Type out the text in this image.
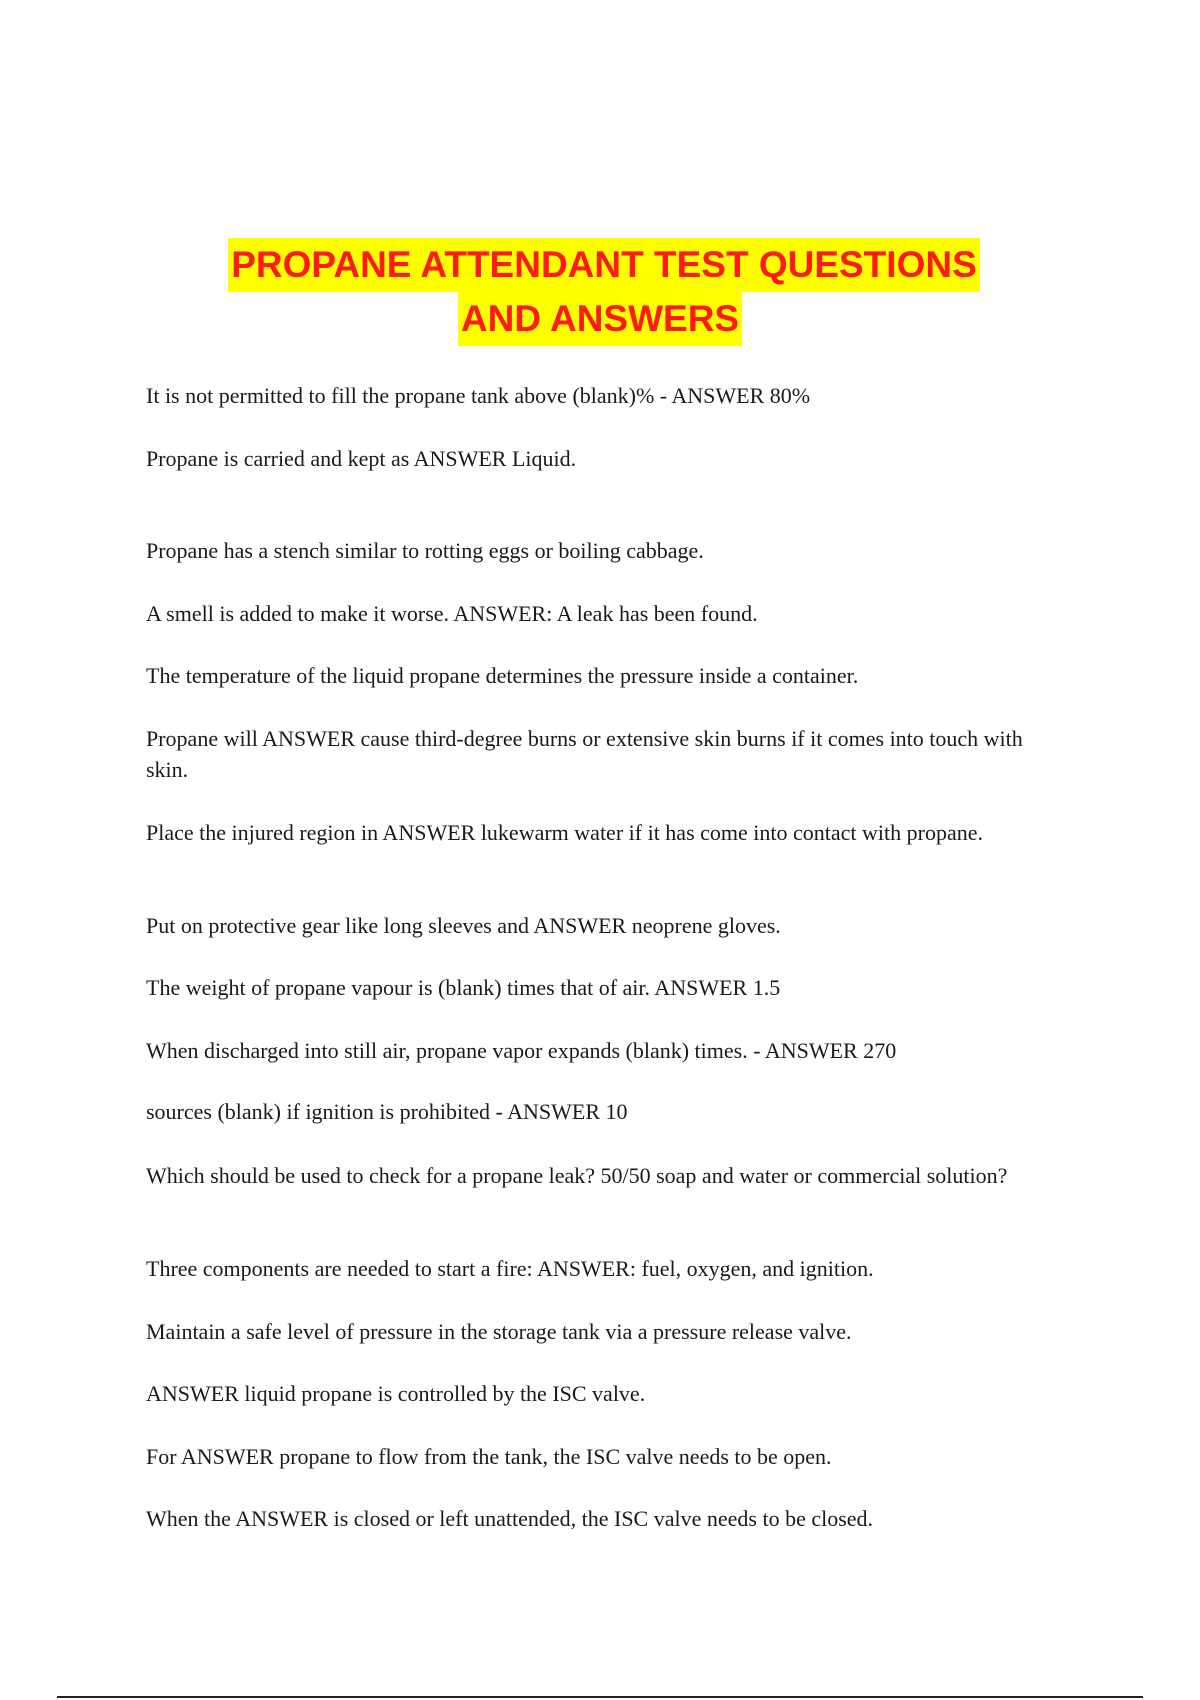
PROPANE ATTENDANT TEST QUESTIONS
AND ANSWERS

It is not permitted to fill the propane tank above (blank)% - ANSWER 80%

Propane is carried and kept as ANSWER Liquid.

Propane has a stench similar to rotting eggs or boiling cabbage.

A smell is added to make it worse. ANSWER: A leak has been found.

The temperature of the liquid propane determines the pressure inside a container.

Propane will ANSWER cause third-degree burns or extensive skin burns if it comes into touch with skin.

Place the injured region in ANSWER lukewarm water if it has come into contact with propane.

Put on protective gear like long sleeves and ANSWER neoprene gloves.

The weight of propane vapour is (blank) times that of air. ANSWER 1.5

When discharged into still air, propane vapor expands (blank) times. - ANSWER 270

sources (blank) if ignition is prohibited - ANSWER 10

Which should be used to check for a propane leak? 50/50 soap and water or commercial solution?

Three components are needed to start a fire: ANSWER: fuel, oxygen, and ignition.

Maintain a safe level of pressure in the storage tank via a pressure release valve.

ANSWER liquid propane is controlled by the ISC valve.

For ANSWER propane to flow from the tank, the ISC valve needs to be open.

When the ANSWER is closed or left unattended, the ISC valve needs to be closed.
